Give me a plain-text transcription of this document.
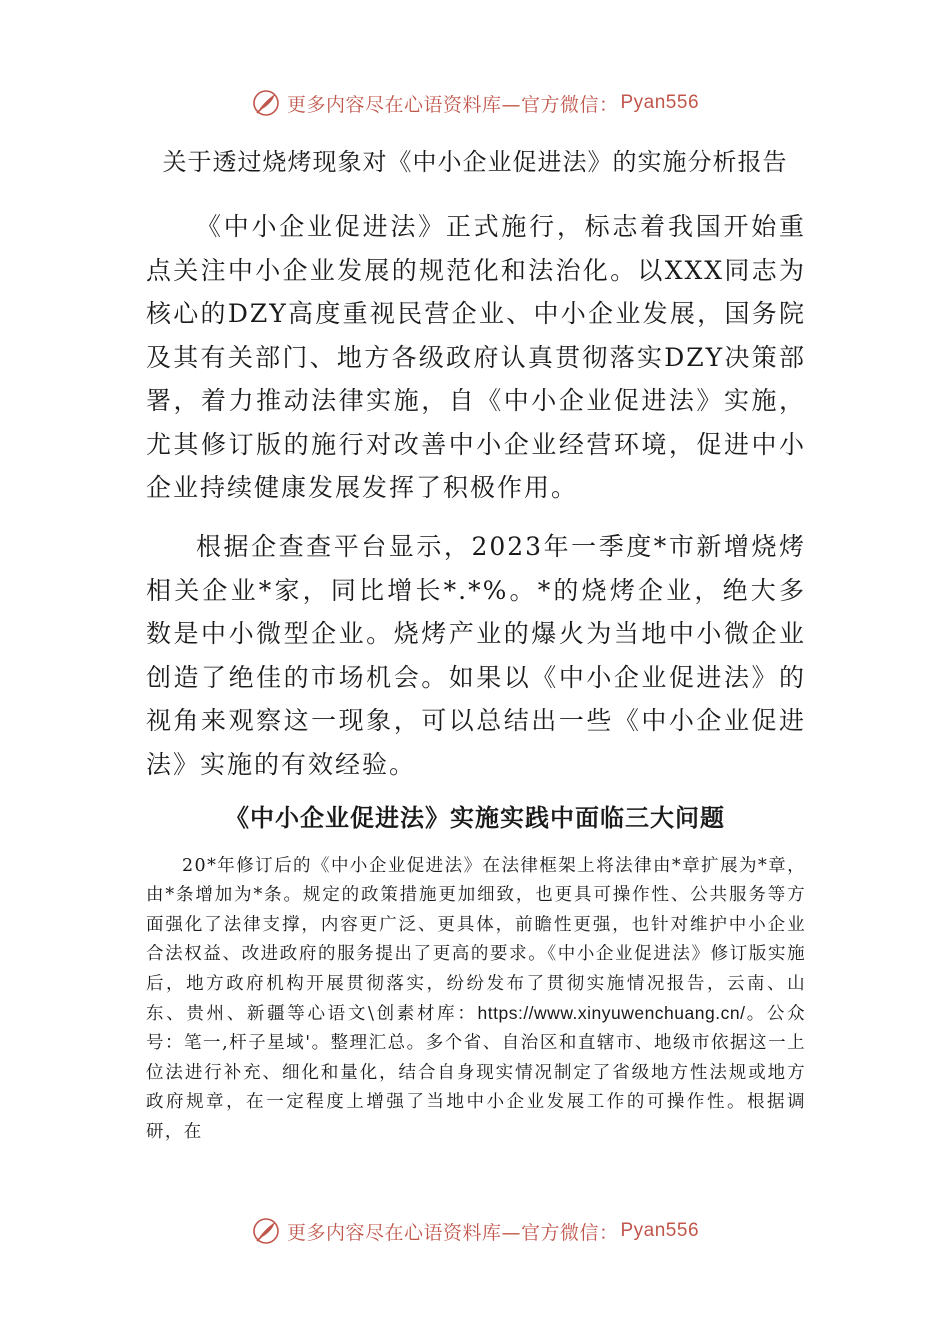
更多内容尽在心语资料库—官方微信： Pyan556
关于透过烧烤现象对《中小企业促进法》的实施分析报告

《中小企业促进法》正式施行，标志着我国开始重点关注中小企业发展的规范化和法治化。以XXX同志为核心的DZY高度重视民营企业、中小企业发展，国务院及其有关部门、地方各级政府认真贯彻落实DZY决策部署，着力推动法律实施，自《中小企业促进法》实施，尤其修订版的施行对改善中小企业经营环境，促进中小企业持续健康发展发挥了积极作用。

根据企查查平台显示，2023年一季度*市新增烧烤相关企业*家，同比增长*.*%。*的烧烤企业，绝大多数是中小微型企业。烧烤产业的爆火为当地中小微企业创造了绝佳的市场机会。如果以《中小企业促进法》的视角来观察这一现象，可以总结出一些《中小企业促进法》实施的有效经验。

《中小企业促进法》实施实践中面临三大问题

20*年修订后的《中小企业促进法》在法律框架上将法律由*章扩展为*章，由*条增加为*条。规定的政策措施更加细致，也更具可操作性、公共服务等方面强化了法律支撑，内容更广泛、更具体，前瞻性更强，也针对维护中小企业合法权益、改进政府的服务提出了更高的要求。《中小企业促进法》修订版实施后，地方政府机构开展贯彻落实，纷纷发布了贯彻实施情况报告，云南、山东、贵州、新疆等心语文\创素材库：https://www.xinyuwenchuang.cn/。公众号：笔一,杆子星域'。整理汇总。多个省、自治区和直辖市、地级市依据这一上位法进行补充、细化和量化，结合自身现实情况制定了省级地方性法规或地方政府规章，在一定程度上增强了当地中小企业发展工作的可操作性。根据调研，在

更多内容尽在心语资料库—官方微信： Pyan556
